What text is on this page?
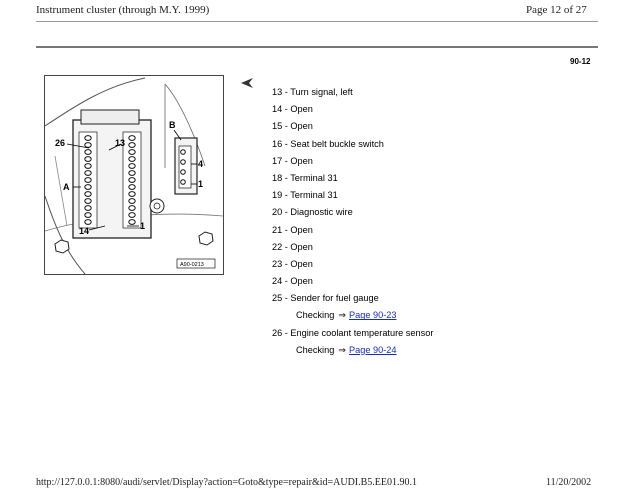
Instrument cluster (through M.Y. 1999)	Page 12 of 27
90-12
B
26	13
A
14	1
4
1
A90-0213
13 - Turn signal, left
14 - Open
15 - Open
16 - Seat belt buckle switch
17 - Open
18 - Terminal 31
19 - Terminal 31
20 - Diagnostic wire
21 - Open
22 - Open
23 - Open
24 - Open
25 - Sender for fuel gauge
Checking ⇒ Page 90-23
26 - Engine coolant temperature sensor
Checking ⇒ Page 90-24
http://127.0.0.1:8080/audi/servlet/Display?action=Goto&type=repair&id=AUDI.B5.EE01.90.1	11/20/2002
